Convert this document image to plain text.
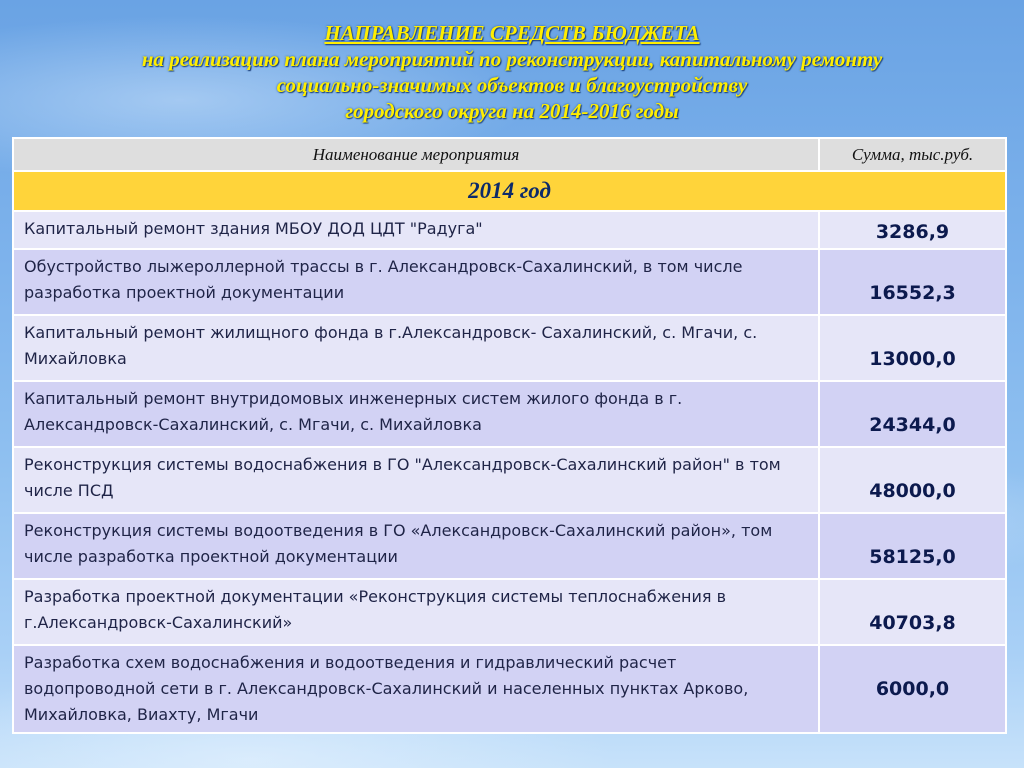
НАПРАВЛЕНИЕ СРЕДСТВ БЮДЖЕТА
на реализацию плана мероприятий по реконструкции, капитальному ремонту
социально-значимых объектов и благоустройству
городского округа на 2014-2016 годы
Наименование мероприятия	Сумма, тыс.руб.
2014 год	
Капитальный ремонт здания МБОУ ДОД ЦДТ "Радуга"	3286,9
Обустройство лыжероллерной трассы в г. Александровск-Сахалинский, в том числе разработка проектной документации	16552,3
Капитальный ремонт жилищного фонда в г.Александровск- Сахалинский, с. Мгачи, с. Михайловка	13000,0
Капитальный ремонт внутридомовых инженерных систем жилого фонда в г. Александровск-Сахалинский, с. Мгачи, с. Михайловка	24344,0
Реконструкция системы водоснабжения в ГО "Александровск-Сахалинский район" в том числе ПСД	48000,0
Реконструкция системы водоотведения в ГО «Александровск-Сахалинский район», том числе разработка проектной документации	58125,0
Разработка проектной документации «Реконструкция системы теплоснабжения в г.Александровск-Сахалинский»	40703,8
Разработка схем водоснабжения и водоотведения и гидравлический расчет водопроводной сети в г. Александровск-Сахалинский и населенных пунктах Арково, Михайловка, Виахту, Мгачи	6000,0
